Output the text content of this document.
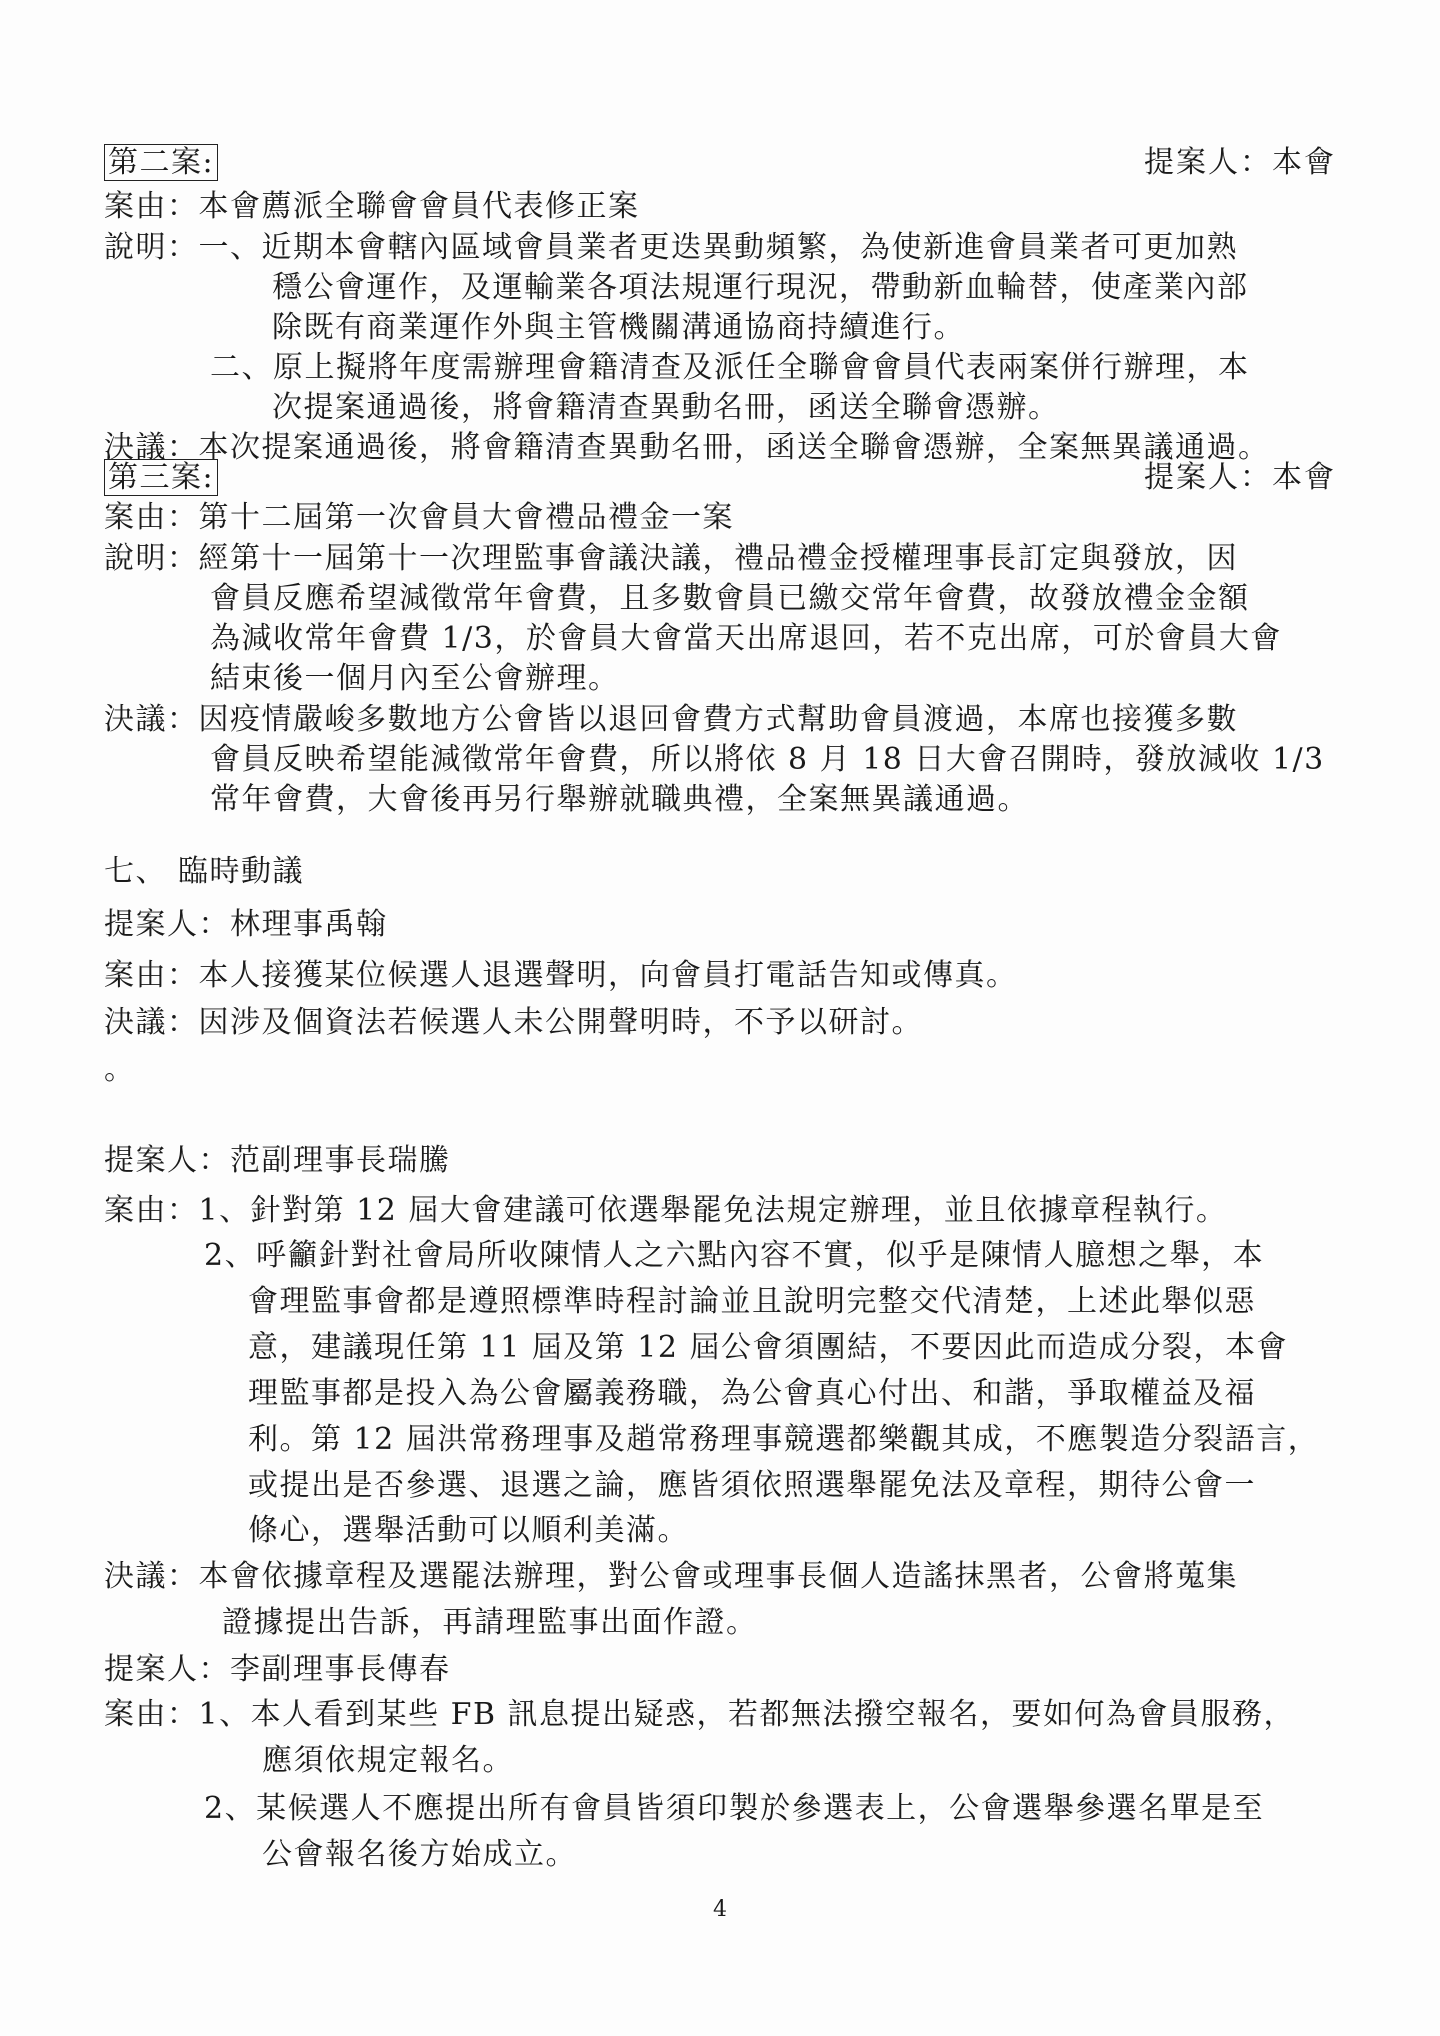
第二案:	提案人：本會
案由：本會薦派全聯會會員代表修正案
說明：一、近期本會轄內區域會員業者更迭異動頻繁，為使新進會員業者可更加熟
穩公會運作，及運輸業各項法規運行現況，帶動新血輪替，使產業內部
除既有商業運作外與主管機關溝通協商持續進行。
二、原上擬將年度需辦理會籍清查及派任全聯會會員代表兩案併行辦理，本
次提案通過後，將會籍清查異動名冊，函送全聯會憑辦。
決議：本次提案通過後，將會籍清查異動名冊，函送全聯會憑辦，全案無異議通過。
第三案:	提案人：本會
案由：第十二屆第一次會員大會禮品禮金一案
說明：經第十一屆第十一次理監事會議決議，禮品禮金授權理事長訂定與發放，因
會員反應希望減徵常年會費，且多數會員已繳交常年會費，故發放禮金金額
為減收常年會費 1/3，於會員大會當天出席退回，若不克出席，可於會員大會
結束後一個月內至公會辦理。
決議：因疫情嚴峻多數地方公會皆以退回會費方式幫助會員渡過，本席也接獲多數
會員反映希望能減徵常年會費，所以將依 8 月 18 日大會召開時，發放減收 1/3
常年會費，大會後再另行舉辦就職典禮，全案無異議通過。
七、 臨時動議
提案人：林理事禹翰
案由：本人接獲某位候選人退選聲明，向會員打電話告知或傳真。
決議：因涉及個資法若候選人未公開聲明時，不予以研討。
。
提案人：范副理事長瑞騰
案由：1、針對第 12 屆大會建議可依選舉罷免法規定辦理，並且依據章程執行。
2、呼籲針對社會局所收陳情人之六點內容不實，似乎是陳情人臆想之舉，本
會理監事會都是遵照標準時程討論並且說明完整交代清楚，上述此舉似惡
意，建議現任第 11 屆及第 12 屆公會須團結，不要因此而造成分裂，本會
理監事都是投入為公會屬義務職，為公會真心付出、和諧，爭取權益及福
利。第 12 屆洪常務理事及趙常務理事競選都樂觀其成，不應製造分裂語言，
或提出是否參選、退選之論，應皆須依照選舉罷免法及章程，期待公會一
條心，選舉活動可以順利美滿。
決議：本會依據章程及選罷法辦理，對公會或理事長個人造謠抹黑者，公會將蒐集
證據提出告訴，再請理監事出面作證。
提案人：李副理事長傳春
案由：1、本人看到某些 FB 訊息提出疑惑，若都無法撥空報名，要如何為會員服務，
應須依規定報名。
2、某候選人不應提出所有會員皆須印製於參選表上，公會選舉參選名單是至
公會報名後方始成立。
4
